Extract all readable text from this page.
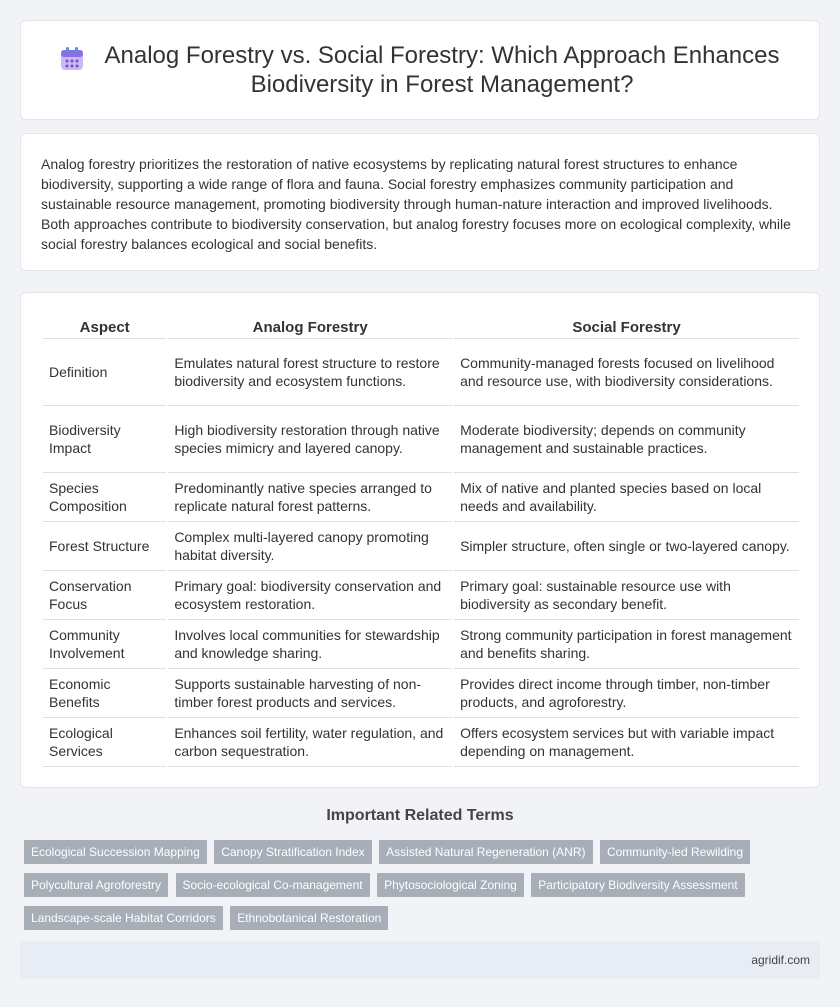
Analog Forestry vs. Social Forestry: Which Approach Enhances Biodiversity in Forest Management?

Analog forestry prioritizes the restoration of native ecosystems by replicating natural forest structures to enhance biodiversity, supporting a wide range of flora and fauna. Social forestry emphasizes community participation and sustainable resource management, promoting biodiversity through human-nature interaction and improved livelihoods. Both approaches contribute to biodiversity conservation, but analog forestry focuses more on ecological complexity, while social forestry balances ecological and social benefits.

Aspect	Analog Forestry	Social Forestry
Definition	Emulates natural forest structure to restore biodiversity and ecosystem functions.	Community-managed forests focused on livelihood and resource use, with biodiversity considerations.
Biodiversity Impact	High biodiversity restoration through native species mimicry and layered canopy.	Moderate biodiversity; depends on community management and sustainable practices.
Species Composition	Predominantly native species arranged to replicate natural forest patterns.	Mix of native and planted species based on local needs and availability.
Forest Structure	Complex multi-layered canopy promoting habitat diversity.	Simpler structure, often single or two-layered canopy.
Conservation Focus	Primary goal: biodiversity conservation and ecosystem restoration.	Primary goal: sustainable resource use with biodiversity as secondary benefit.
Community Involvement	Involves local communities for stewardship and knowledge sharing.	Strong community participation in forest management and benefits sharing.
Economic Benefits	Supports sustainable harvesting of non-timber forest products and services.	Provides direct income through timber, non-timber products, and agroforestry.
Ecological Services	Enhances soil fertility, water regulation, and carbon sequestration.	Offers ecosystem services but with variable impact depending on management.
Important Related Terms
Ecological Succession Mapping Canopy Stratification Index Assisted Natural Regeneration (ANR) Community-led Rewilding
Polycultural Agroforestry Socio-ecological Co-management Phytosociological Zoning Participatory Biodiversity Assessment
Landscape-scale Habitat Corridors Ethnobotanical Restoration
agridif.com
